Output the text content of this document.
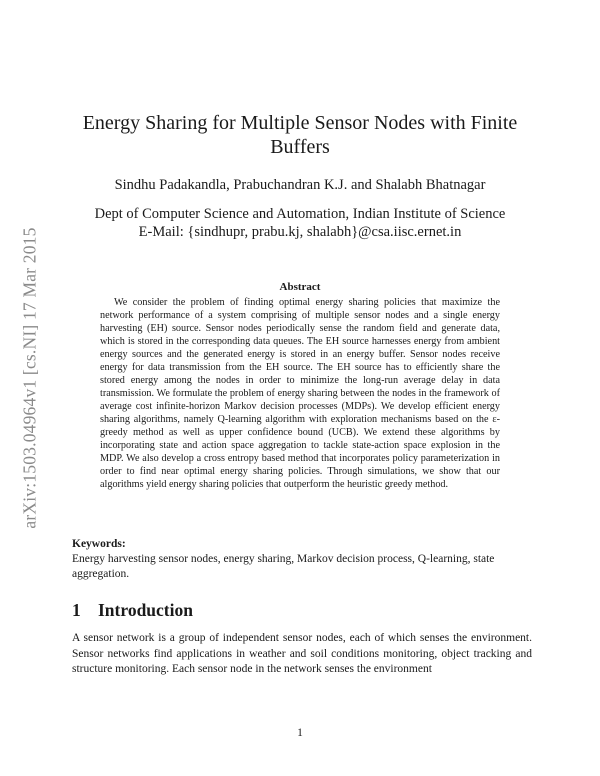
arXiv:1503.04964v1 [cs.NI] 17 Mar 2015
Energy Sharing for Multiple Sensor Nodes with Finite Buffers
Sindhu Padakandla, Prabuchandran K.J. and Shalabh Bhatnagar
Dept of Computer Science and Automation, Indian Institute of Science
E-Mail: {sindhupr, prabu.kj, shalabh}@csa.iisc.ernet.in
Abstract

We consider the problem of finding optimal energy sharing policies that maximize the network performance of a system comprising of multiple sensor nodes and a single energy harvesting (EH) source. Sensor nodes periodically sense the random field and generate data, which is stored in the corresponding data queues. The EH source harnesses energy from ambient energy sources and the generated energy is stored in an energy buffer. Sensor nodes receive energy for data transmission from the EH source. The EH source has to efficiently share the stored energy among the nodes in order to minimize the long-run average delay in data transmission. We formulate the problem of energy sharing between the nodes in the framework of average cost infinite-horizon Markov decision processes (MDPs). We develop efficient energy sharing algorithms, namely Q-learning algorithm with exploration mechanisms based on the ε-greedy method as well as upper confidence bound (UCB). We extend these algorithms by incorporating state and action space aggregation to tackle state-action space explosion in the MDP. We also develop a cross entropy based method that incorporates policy parameterization in order to find near optimal energy sharing policies. Through simulations, we show that our algorithms yield energy sharing policies that outperform the heuristic greedy method.

Keywords:

Energy harvesting sensor nodes, energy sharing, Markov decision process, Q-learning, state aggregation.

1 Introduction

A sensor network is a group of independent sensor nodes, each of which senses the environment. Sensor networks find applications in weather and soil conditions monitoring, object tracking and structure monitoring. Each sensor node in the network senses the environment

1
